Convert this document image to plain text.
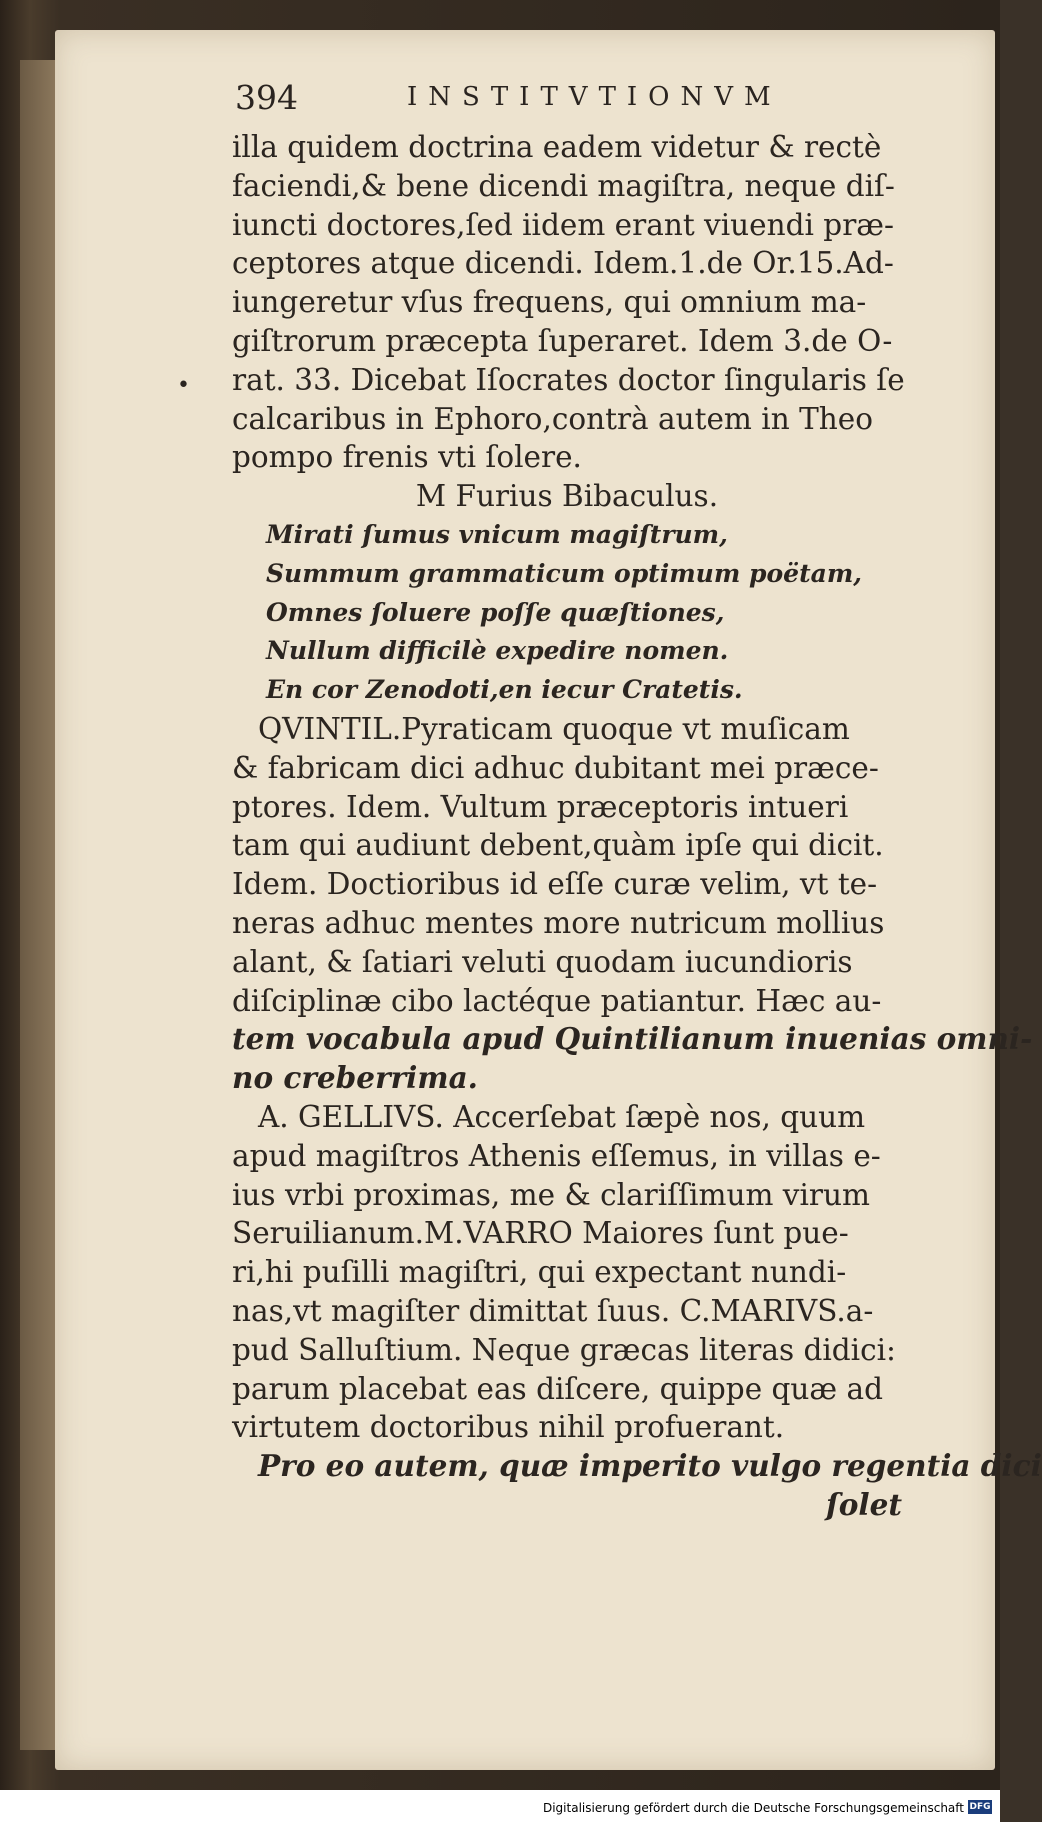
394	INSTITVTIONVM
•
illa quidem doctrina eadem videtur & rectè
faciendi,& bene dicendi magiſtra, neque diſ-
iuncti doctores,ſed iidem erant viuendi præ-
ceptores atque dicendi. Idem.1.de Or.15.Ad-
iungeretur vſus frequens, qui omnium ma-
giſtrorum præcepta ſuperaret. Idem 3.de O-
rat. 33. Dicebat Iſocrates doctor ſingularis ſe
calcaribus in Ephoro,contrà autem in Theo
pompo frenis vti ſolere.
M Furius Bibaculus.
Mirati ſumus vnicum magiſtrum,
Summum grammaticum optimum poëtam,
Omnes ſoluere poſſe quæſtiones,
Nullum difficilè expedire nomen.
En cor Zenodoti,en iecur Cratetis.
QVINTIL.Pyraticam quoque vt muſicam
& fabricam dici adhuc dubitant mei præce-
ptores. Idem. Vultum præceptoris intueri
tam qui audiunt debent,quàm ipſe qui dicit.
Idem. Doctioribus id eſſe curæ velim, vt te-
neras adhuc mentes more nutricum mollius
alant, & ſatiari veluti quodam iucundioris
diſciplinæ cibo lactéque patiantur. Hæc au-
tem vocabula apud Quintilianum inuenias omni-
no creberrima.
A. GELLIVS. Accerſebat ſæpè nos, quum
apud magiſtros Athenis eſſemus, in villas e-
ius vrbi proximas, me & clariſſimum virum
Seruilianum.M.VARRO Maiores ſunt pue-
ri,hi puſilli magiſtri, qui expectant nundi-
nas,vt magiſter dimittat ſuus. C.MARIVS.a-
pud Salluſtium. Neque græcas literas didici:
parum placebat eas diſcere, quippe quæ ad
virtutem doctoribus nihil profuerant.
Pro eo autem, quæ imperito vulgo regentia dici
ſolet
Digitalisierung gefördert durch die Deutsche Forschungsgemeinschaft DFG
